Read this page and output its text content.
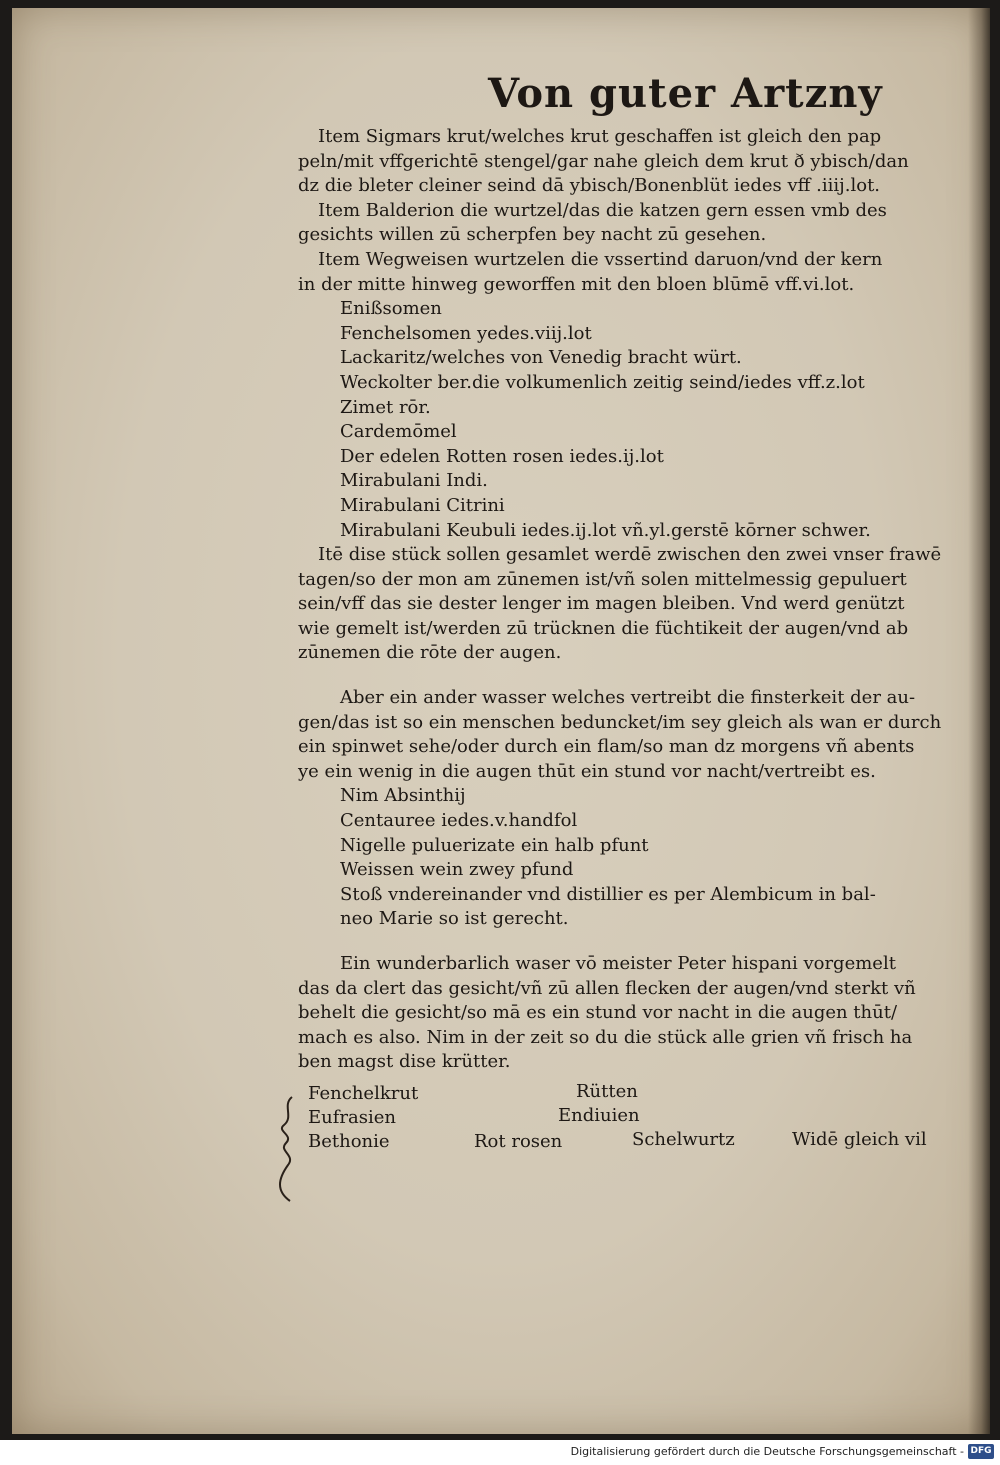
Von guter Artzny

Item Sigmars krut/welches krut geschaffen ist gleich den pap
peln/mit vffgerichtē stengel/gar nahe gleich dem krut ð ybisch/dan
dz die bleter cleiner seind dā ybisch/Bonenblüt iedes vff .iiij.lot.

Item Balderion die wurtzel/das die katzen gern essen vmb des
gesichts willen zū scherpfen bey nacht zū gesehen.

Item Wegweisen wurtzelen die vssertind daruon/vnd der kern
in der mitte hinweg geworffen mit den bloen blūmē vff.vi.lot.

Enißsomen
Fenchelsomen yedes.viij.lot
Lackaritz/welches von Venedig bracht würt.
Weckolter ber.die volkumenlich zeitig seind/iedes vff.z.lot
Zimet rōr.
Cardemōmel
Der edelen Rotten rosen iedes.ij.lot
Mirabulani Indi.
Mirabulani Citrini
Mirabulani Keubuli iedes.ij.lot vñ.yl.gerstē kōrner schwer.

Itē dise stück sollen gesamlet werdē zwischen den zwei vnser frawē
tagen/so der mon am zūnemen ist/vñ solen mittelmessig gepuluert
sein/vff das sie dester lenger im magen bleiben. Vnd werd genützt
wie gemelt ist/werden zū trücknen die füchtikeit der augen/vnd ab
zūnemen die rōte der augen.

Aber ein ander wasser welches vertreibt die finsterkeit der au-
gen/das ist so ein menschen beduncket/im sey gleich als wan er durch
ein spinwet sehe/oder durch ein flam/so man dz morgens vñ abents
ye ein wenig in die augen thūt ein stund vor nacht/vertreibt es.

Nim Absinthij
Centauree iedes.v.handfol
Nigelle puluerizate ein halb pfunt
Weissen wein zwey pfund
Stoß vndereinander vnd distillier es per Alembicum in bal-
neo Marie so ist gerecht.

Ein wunderbarlich waser vō meister Peter hispani vorgemelt
das da clert das gesicht/vñ zū allen flecken der augen/vnd sterkt vñ
behelt die gesicht/so mā es ein stund vor nacht in die augen thūt/
mach es also. Nim in der zeit so du die stück alle grien vñ frisch ha
ben magst dise krütter.

Fenchelkrut	Rütten
Eufrasien	Endiuien
Bethonie	Rot rosen	Schelwurtz	Widē gleich vil
Digitalisierung gefördert durch die Deutsche Forschungsgemeinschaft - DFG
